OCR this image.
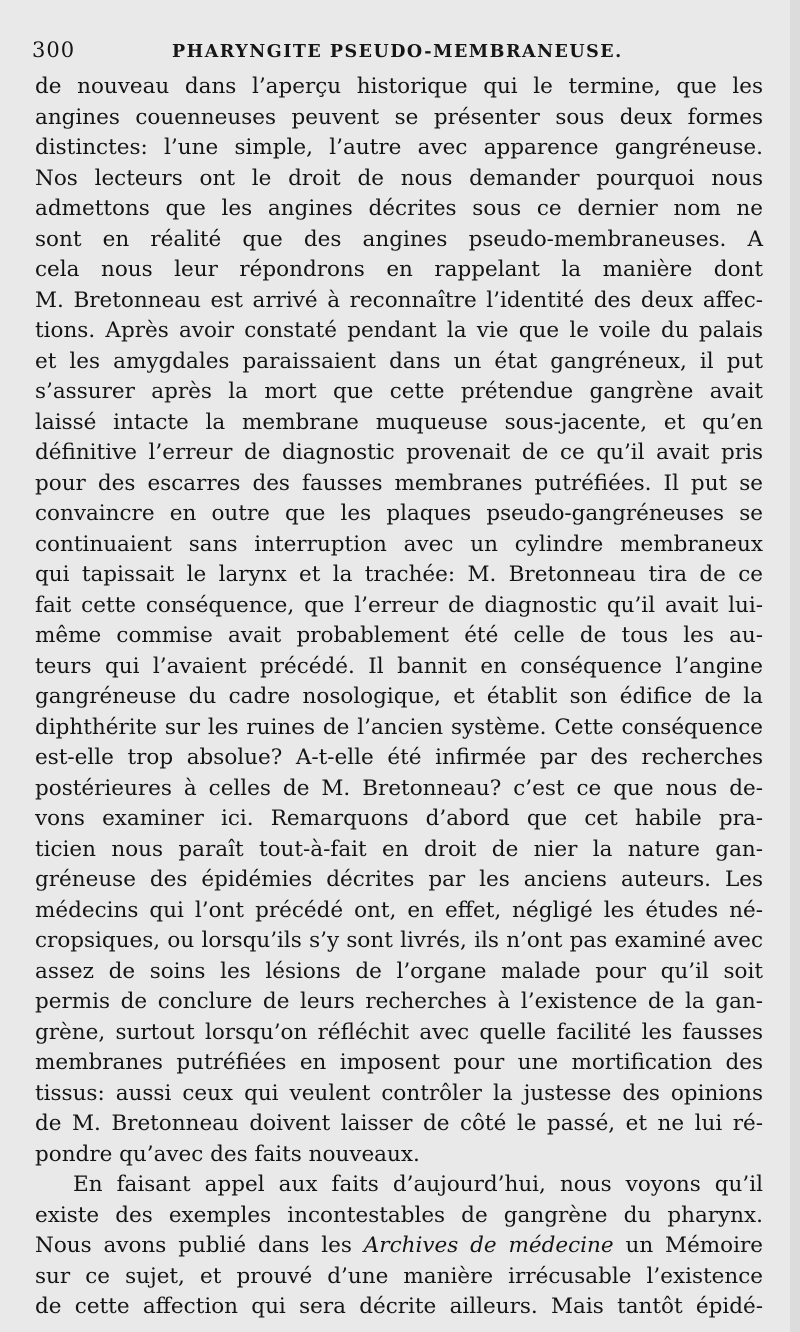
300	PHARYNGITE PSEUDO-MEMBRANEUSE.
de nouveau dans l’aperçu historique qui le termine, que les
angines couenneuses peuvent se présenter sous deux formes
distinctes: l’une simple, l’autre avec apparence gangréneuse.
Nos lecteurs ont le droit de nous demander pourquoi nous
admettons que les angines décrites sous ce dernier nom ne
sont en réalité que des angines pseudo-membraneuses. A
cela nous leur répondrons en rappelant la manière dont
M. Bretonneau est arrivé à reconnaître l’identité des deux affec-
tions. Après avoir constaté pendant la vie que le voile du palais
et les amygdales paraissaient dans un état gangréneux, il put
s’assurer après la mort que cette prétendue gangrène avait
laissé intacte la membrane muqueuse sous-jacente, et qu’en
définitive l’erreur de diagnostic provenait de ce qu’il avait pris
pour des escarres des fausses membranes putréfiées. Il put se
convaincre en outre que les plaques pseudo-gangréneuses se
continuaient sans interruption avec un cylindre membraneux
qui tapissait le larynx et la trachée: M. Bretonneau tira de ce
fait cette conséquence, que l’erreur de diagnostic qu’il avait lui-
même commise avait probablement été celle de tous les au-
teurs qui l’avaient précédé. Il bannit en conséquence l’angine
gangréneuse du cadre nosologique, et établit son édifice de la
diphthérite sur les ruines de l’ancien système. Cette conséquence
est-elle trop absolue? A-t-elle été infirmée par des recherches
postérieures à celles de M. Bretonneau? c’est ce que nous de-
vons examiner ici. Remarquons d’abord que cet habile pra-
ticien nous paraît tout-à-fait en droit de nier la nature gan-
gréneuse des épidémies décrites par les anciens auteurs. Les
médecins qui l’ont précédé ont, en effet, négligé les études né-
cropsiques, ou lorsqu’ils s’y sont livrés, ils n’ont pas examiné avec
assez de soins les lésions de l’organe malade pour qu’il soit
permis de conclure de leurs recherches à l’existence de la gan-
grène, surtout lorsqu’on réfléchit avec quelle facilité les fausses
membranes putréfiées en imposent pour une mortification des
tissus: aussi ceux qui veulent contrôler la justesse des opinions
de M. Bretonneau doivent laisser de côté le passé, et ne lui ré-
pondre qu’avec des faits nouveaux.
En faisant appel aux faits d’aujourd’hui, nous voyons qu’il
existe des exemples incontestables de gangrène du pharynx.
Nous avons publié dans les Archives de médecine un Mémoire
sur ce sujet, et prouvé d’une manière irrécusable l’existence
de cette affection qui sera décrite ailleurs. Mais tantôt épidé-
